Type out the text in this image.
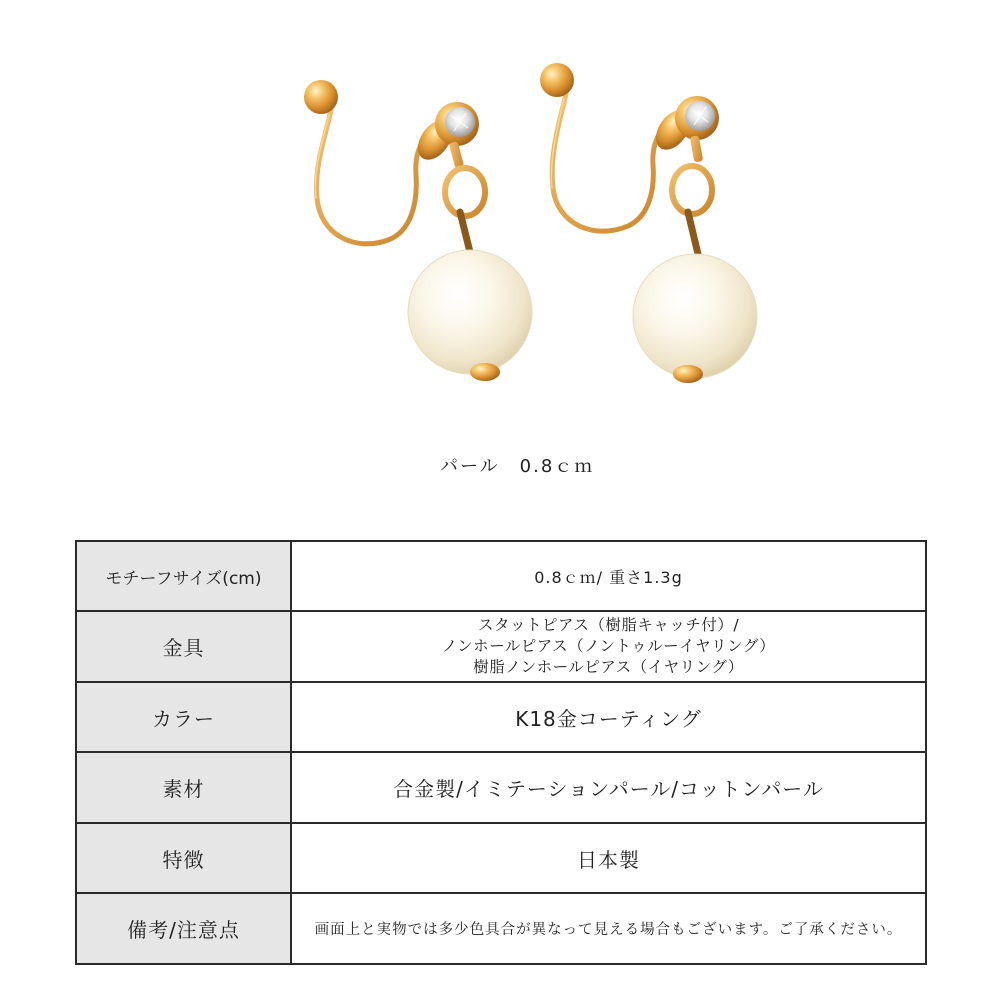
パール　0.8ｃｍ
モチーフサイズ(cm)	0.8ｃｍ/ 重さ1.3g

金具	スタットピアス（樹脂キャッチ付）/
ノンホールピアス（ノントゥルーイヤリング）
樹脂ノンホールピアス（イヤリング）

カラー	K18金コーティング

素材	合金製/イミテーションパール/コットンパール

特徴	日本製

備考/注意点	画面上と実物では多少色具合が異なって見える場合もございます。ご了承ください。
